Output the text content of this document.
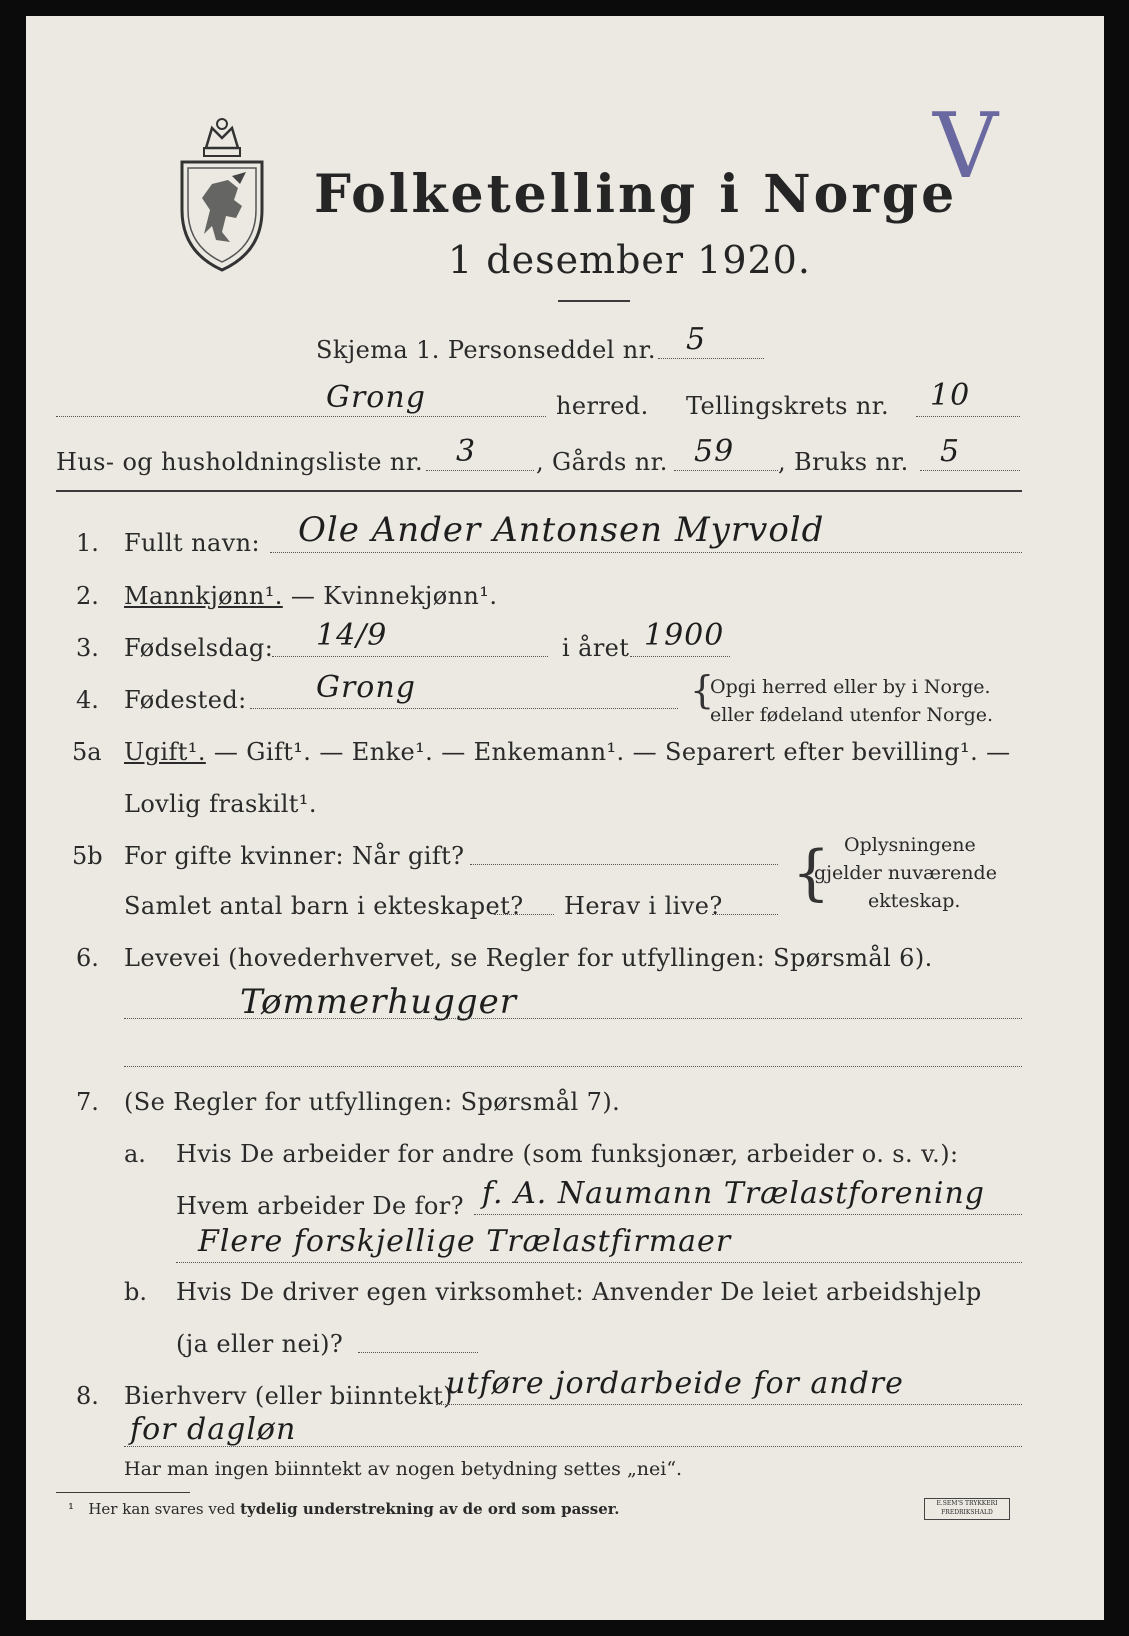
Folketelling i Norge
1 desember 1920.
V
Skjema 1. Personseddel nr. 5
Grong	herred. Tellingskrets nr. 10
Hus- og husholdningsliste nr. 3 , Gårds nr. 59 , Bruks nr. 5
1. Fullt navn: Ole Ander Antonsen Myrvold
2. Mannkjønn¹. — Kvinnekjønn¹.
3. Fødselsdag: 14/9	i året 1900
4. Fødested: Grong	{
Opgi herred eller by i Norge.
eller fødeland utenfor Norge.
5a Ugift¹. — Gift¹. — Enke¹. — Enkemann¹. — Separert efter bevilling¹. —
Lovlig fraskilt¹.
5b For gifte kvinner: Når gift?
Samlet antal barn i ekteskapet? Herav i live? { Oplysningene
gjelder nuværende
ekteskap.
6. Levevei (hovederhvervet, se Regler for utfyllingen: Spørsmål 6).
Tømmerhugger
7. (Se Regler for utfyllingen: Spørsmål 7).
a. Hvis De arbeider for andre (som funksjonær, arbeider o. s. v.):
Hvem arbeider De for? f. A. Naumann Trælastforening
Flere forskjellige Trælastfirmaer
b. Hvis De driver egen virksomhet: Anvender De leiet arbeidshjelp
(ja eller nei)?
8. Bierhverv (eller biinntekt)
utføre jordarbeide for andre
for dagløn
Har man ingen biinntekt av nogen betydning settes „nei“.
¹ Her kan svares ved tydelig understrekning av de ord som passer.	E.SEM'S TRYKKERI FREDRIKSHALD
